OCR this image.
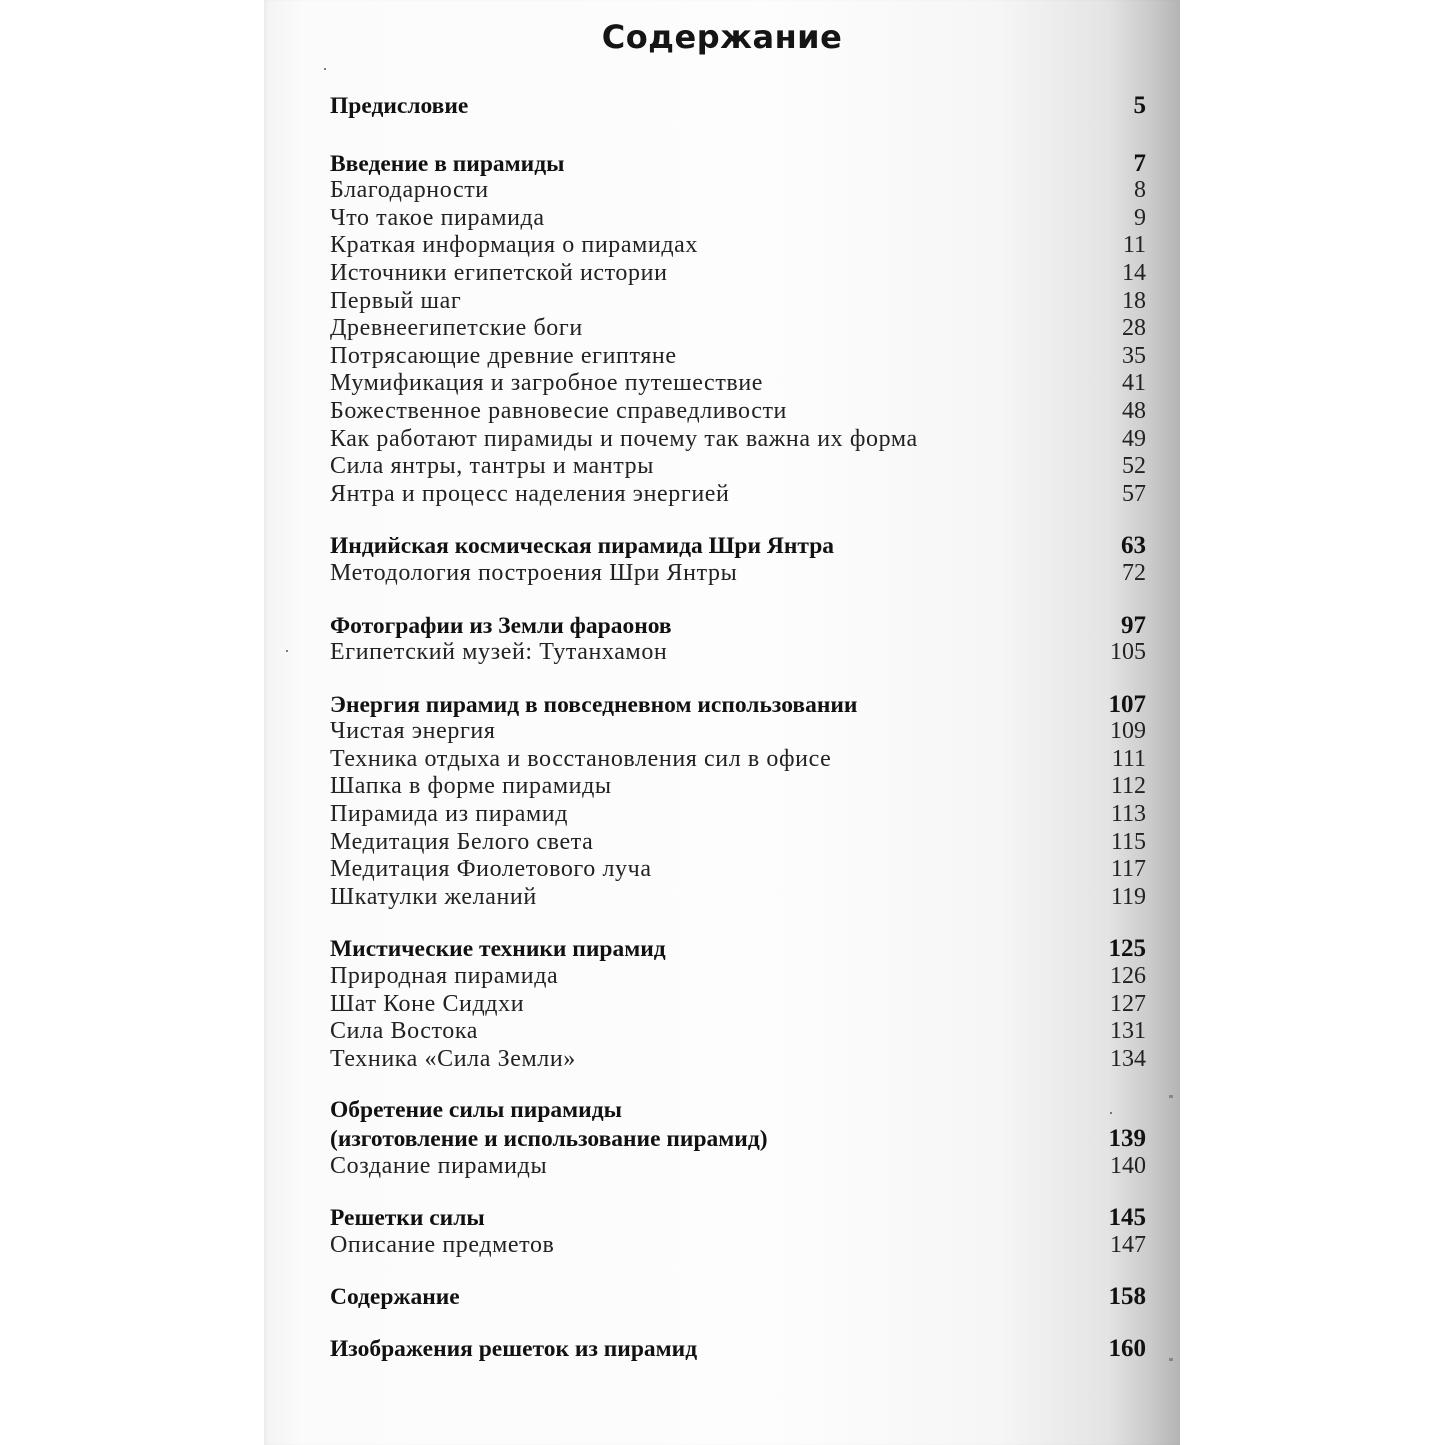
Содержание
Предисловие	5
Введение в пирамиды	7
Благодарности	8
Что такое пирамида	9
Краткая информация о пирамидах	11
Источники египетской истории	14
Первый шаг	18
Древнеегипетские боги	28
Потрясающие древние египтяне	35
Мумификация и загробное путешествие	41
Божественное равновесие справедливости	48
Как работают пирамиды и почему так важна их форма	49
Сила янтры, тантры и мантры	52
Янтра и процесс наделения энергией	57
Индийская космическая пирамида Шри Янтра	63
Методология построения Шри Янтры	72
Фотографии из Земли фараонов	97
Египетский музей: Тутанхамон	105
Энергия пирамид в повседневном использовании	107
Чистая энергия	109
Техника отдыха и восстановления сил в офисе	111
Шапка в форме пирамиды	112
Пирамида из пирамид	113
Медитация Белого света	115
Медитация Фиолетового луча	117
Шкатулки желаний	119
Мистические техники пирамид	125
Природная пирамида	126
Шат Коне Сиддхи	127
Сила Востока	131
Техника «Сила Земли»	134
Обретение силы пирамиды
(изготовление и использование пирамид)	139
Создание пирамиды	140
Решетки силы	145
Описание предметов	147
Содержание	158
Изображения решеток из пирамид	160
